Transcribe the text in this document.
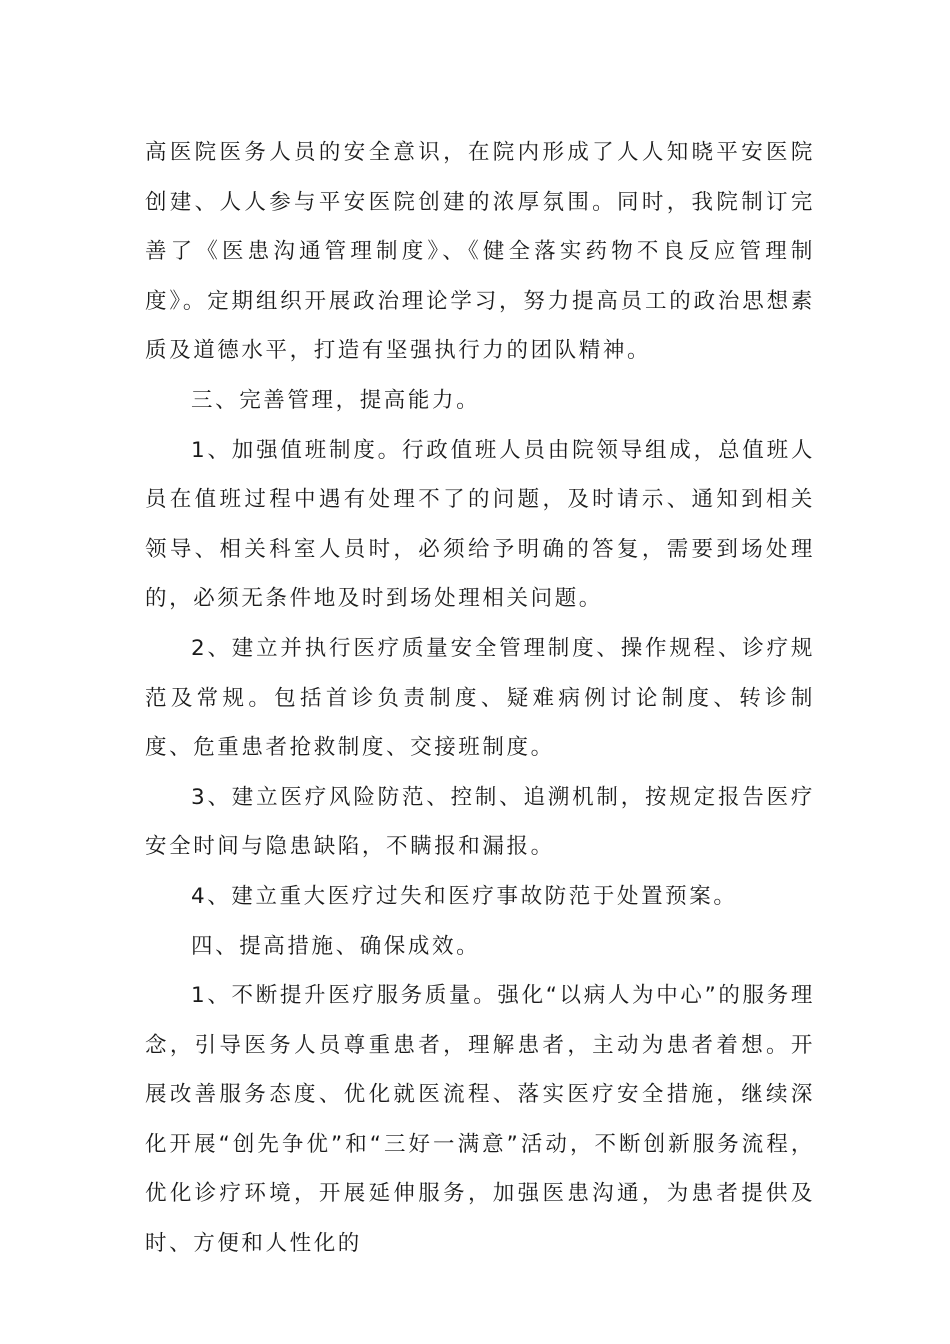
高医院医务人员的安全意识，在院内形成了人人知晓平安医院创建、人人参与平安医院创建的浓厚氛围。同时，我院制订完善了《医患沟通管理制度》、《健全落实药物不良反应管理制度》。定期组织开展政治理论学习，努力提高员工的政治思想素质及道德水平，打造有坚强执行力的团队精神。

三、完善管理，提高能力。

1、加强值班制度。行政值班人员由院领导组成，总值班人员在值班过程中遇有处理不了的问题，及时请示、通知到相关领导、相关科室人员时，必须给予明确的答复，需要到场处理的，必须无条件地及时到场处理相关问题。

2、建立并执行医疗质量安全管理制度、操作规程、诊疗规范及常规。包括首诊负责制度、疑难病例讨论制度、转诊制度、危重患者抢救制度、交接班制度。

3、建立医疗风险防范、控制、追溯机制，按规定报告医疗安全时间与隐患缺陷，不瞒报和漏报。

4、建立重大医疗过失和医疗事故防范于处置预案。

四、提高措施、确保成效。

1、不断提升医疗服务质量。强化“以病人为中心”的服务理念，引导医务人员尊重患者，理解患者，主动为患者着想。开展改善服务态度、优化就医流程、落实医疗安全措施，继续深化开展“创先争优”和“三好一满意”活动，不断创新服务流程，优化诊疗环境，开展延伸服务，加强医患沟通，为患者提供及时、方便和人性化的
